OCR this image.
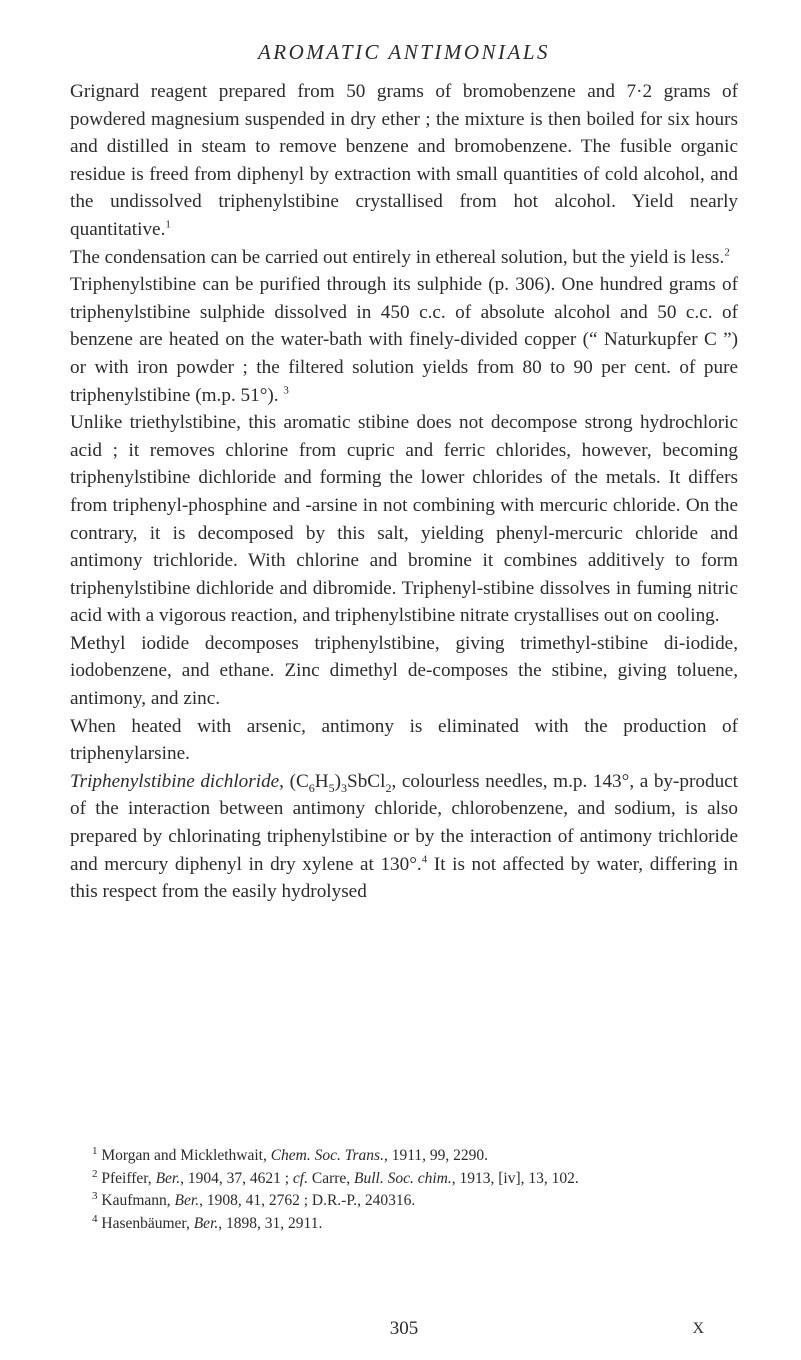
AROMATIC ANTIMONIALS

Grignard reagent prepared from 50 grams of bromobenzene and 7·2 grams of powdered magnesium suspended in dry ether ; the mixture is then boiled for six hours and distilled in steam to remove benzene and bromobenzene. The fusible organic residue is freed from diphenyl by extraction with small quantities of cold alcohol, and the undissolved triphenylstibine crystallised from hot alcohol. Yield nearly quantitative.$^1$

The condensation can be carried out entirely in ethereal solution, but the yield is less.$^2$

Triphenylstibine can be purified through its sulphide (p. 306). One hundred grams of triphenylstibine sulphide dissolved in 450 c.c. of absolute alcohol and 50 c.c. of benzene are heated on the water-bath with finely-divided copper (“ Naturkupfer C ”) or with iron powder ; the filtered solution yields from 80 to 90 per cent. of pure triphenylstibine (m.p. 51°). $^3$

Unlike triethylstibine, this aromatic stibine does not decompose strong hydrochloric acid ; it removes chlorine from cupric and ferric chlorides, however, becoming triphenylstibine dichloride and forming the lower chlorides of the metals. It differs from triphenyl-phosphine and -arsine in not combining with mercuric chloride. On the contrary, it is decomposed by this salt, yielding phenyl-mercuric chloride and antimony trichloride. With chlorine and bromine it combines additively to form triphenylstibine dichloride and dibromide. Triphenyl-stibine dissolves in fuming nitric acid with a vigorous reaction, and triphenylstibine nitrate crystallises out on cooling.

Methyl iodide decomposes triphenylstibine, giving trimethyl-stibine di-iodide, iodobenzene, and ethane. Zinc dimethyl de-composes the stibine, giving toluene, antimony, and zinc.

When heated with arsenic, antimony is eliminated with the production of triphenylarsine.

Triphenylstibine dichloride, $(C_6H_5)_3SbCl_2$, colourless needles, m.p. 143°, a by-product of the interaction between antimony chloride, chlorobenzene, and sodium, is also prepared by chlorinating triphenylstibine or by the interaction of antimony trichloride and mercury diphenyl in dry xylene at 130°.$^4$ It is not affected by water, differing in this respect from the easily hydrolysed

$^1$ Morgan and Micklethwait, Chem. Soc. Trans., 1911, 99, 2290.

$^2$ Pfeiffer, Ber., 1904, 37, 4621 ; cf. Carre, Bull. Soc. chim., 1913, [iv], 13, 102.

$^3$ Kaufmann, Ber., 1908, 41, 2762 ; D.R.-P., 240316.

$^4$ Hasenbäumer, Ber., 1898, 31, 2911.

305	X
